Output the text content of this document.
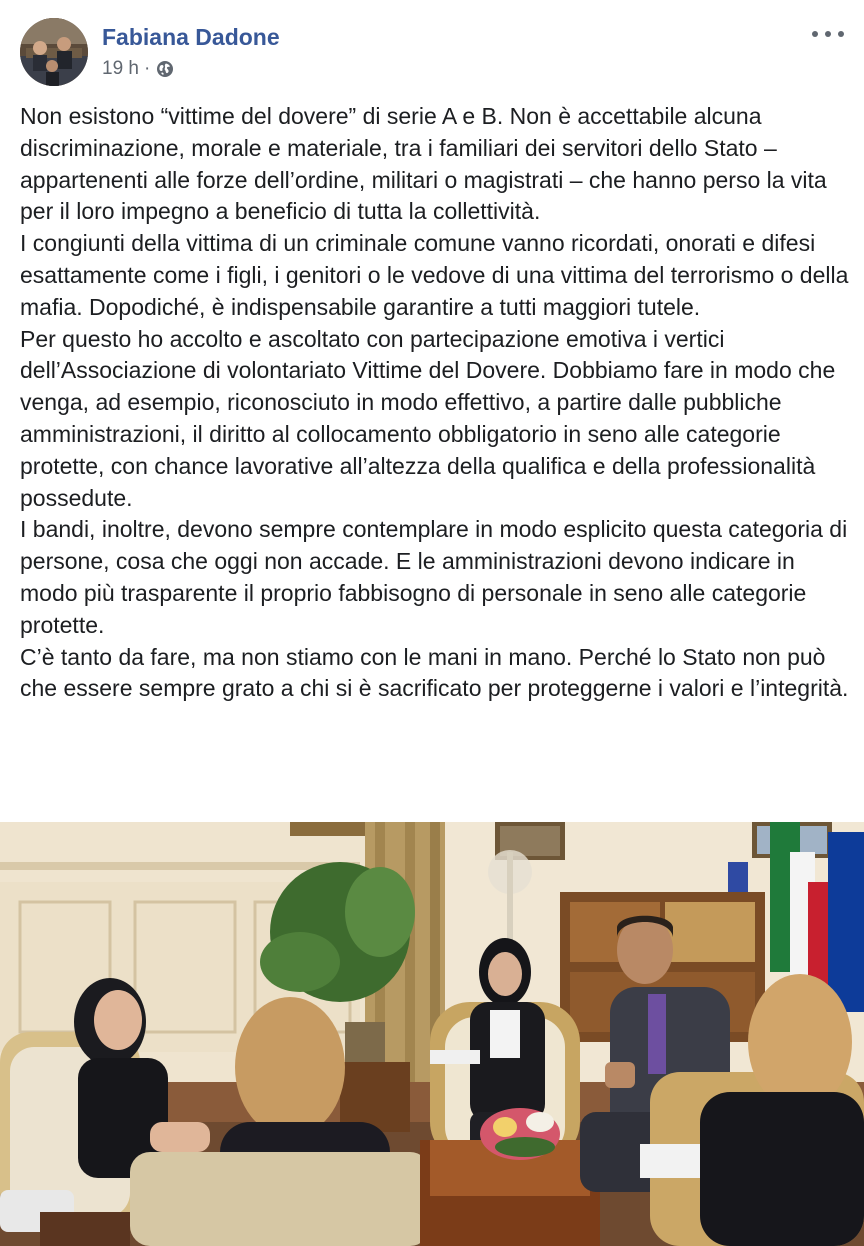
Fabiana Dadone
19 h ·

Non esistono “vittime del dovere” di serie A e B. Non è accettabile alcuna discriminazione, morale e materiale, tra i familiari dei servitori dello Stato – appartenenti alle forze dell’ordine, militari o magistrati – che hanno perso la vita per il loro impegno a beneficio di tutta la collettività.

I congiunti della vittima di un criminale comune vanno ricordati, onorati e difesi esattamente come i figli, i genitori o le vedove di una vittima del terrorismo o della mafia. Dopodiché, è indispensabile garantire a tutti maggiori tutele.

Per questo ho accolto e ascoltato con partecipazione emotiva i vertici dell’Associazione di volontariato Vittime del Dovere. Dobbiamo fare in modo che venga, ad esempio, riconosciuto in modo effettivo, a partire dalle pubbliche amministrazioni, il diritto al collocamento obbligatorio in seno alle categorie protette, con chance lavorative all’altezza della qualifica e della professionalità possedute.

I bandi, inoltre, devono sempre contemplare in modo esplicito questa categoria di persone, cosa che oggi non accade. E le amministrazioni devono indicare in modo più trasparente il proprio fabbisogno di personale in seno alle categorie protette.

C’è tanto da fare, ma non stiamo con le mani in mano. Perché lo Stato non può che essere sempre grato a chi si è sacrificato per proteggerne i valori e l’integrità.
